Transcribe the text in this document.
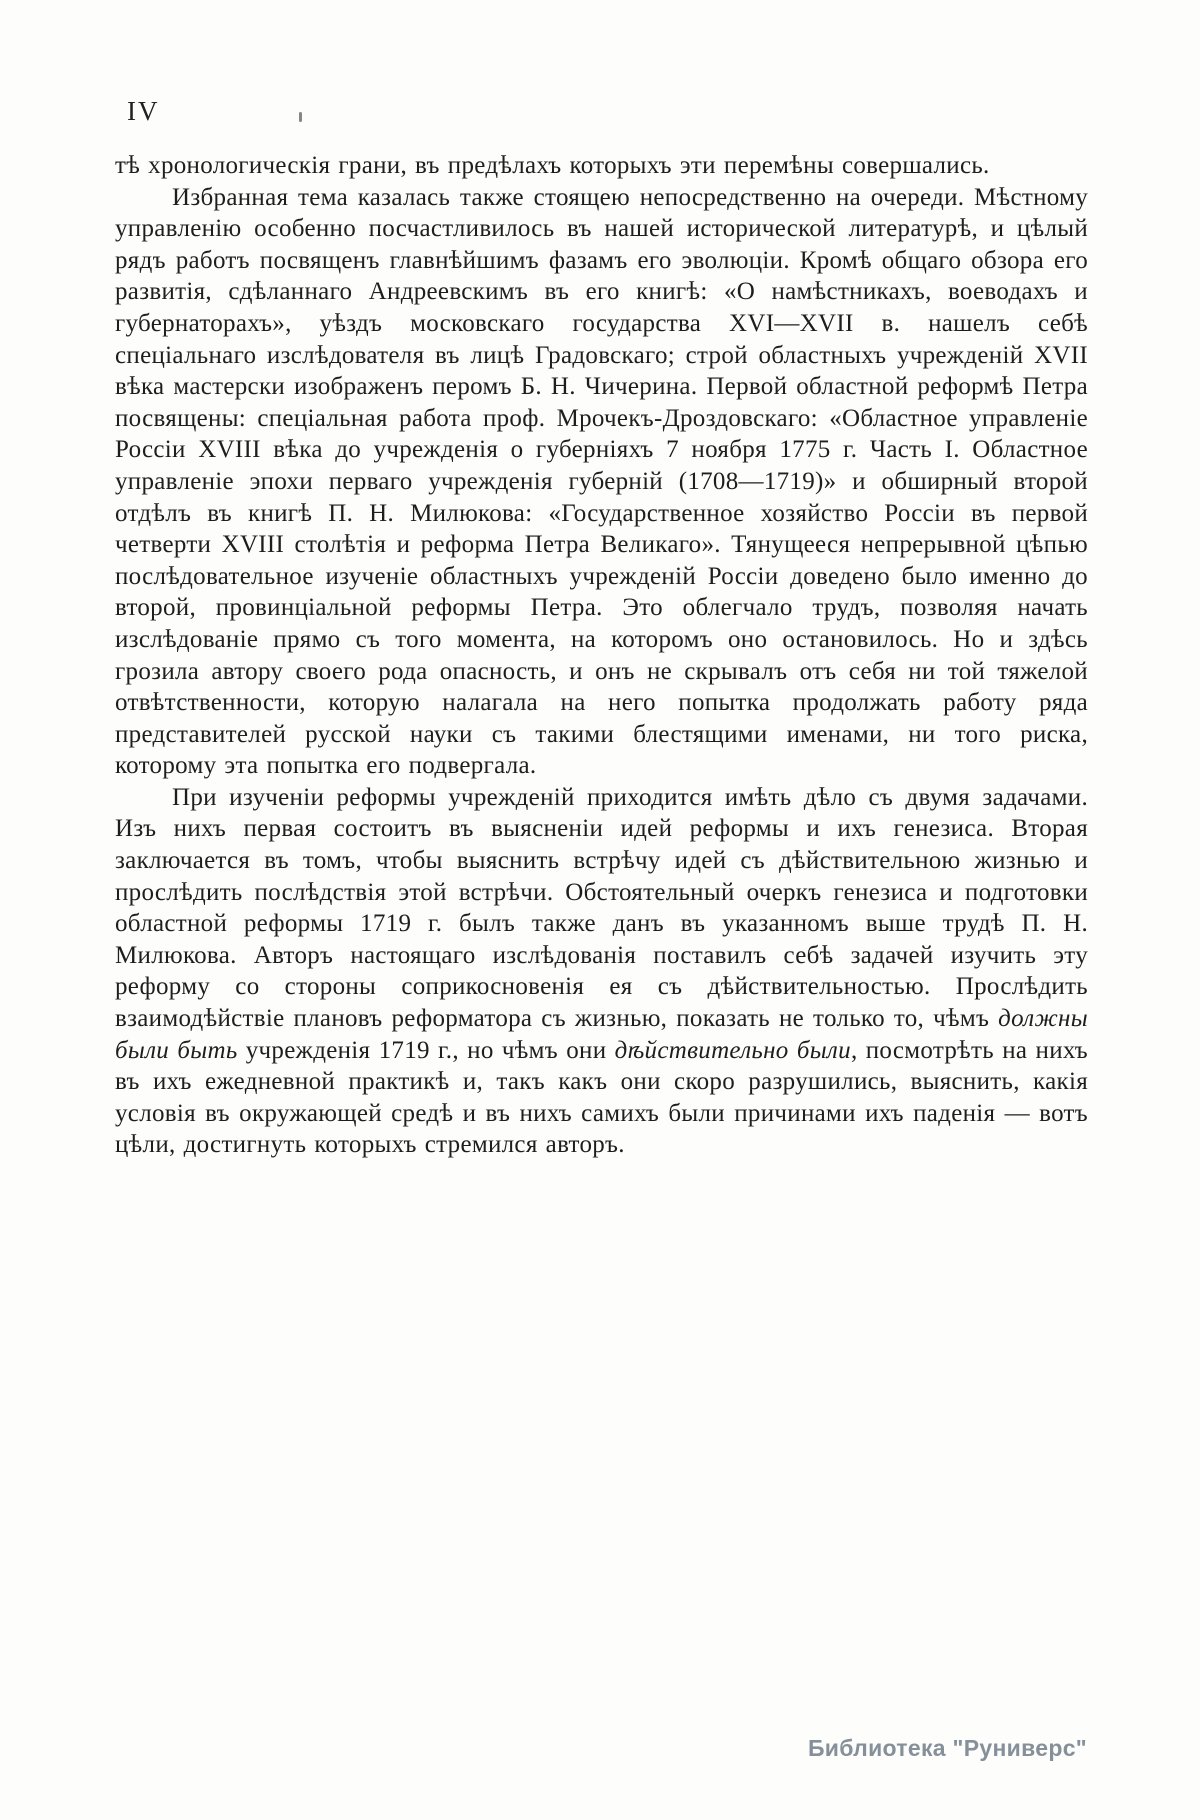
IV

тѣ хронологическія грани, въ предѣлахъ которыхъ эти перемѣны совершались.

Избранная тема казалась также стоящею непосредственно на очереди. Мѣстному управленію особенно посчастливилось въ нашей исторической литературѣ, и цѣлый рядъ работъ посвященъ главнѣйшимъ фазамъ его эволюціи. Кромѣ общаго обзора его развитія, сдѣланнаго Андреевскимъ въ его книгѣ: «О намѣстникахъ, воеводахъ и губернаторахъ», уѣздъ московскаго государства XVI—XVII в. нашелъ себѣ спеціальнаго изслѣдователя въ лицѣ Градовскаго; строй областныхъ учрежденій XVII вѣка мастерски изображенъ перомъ Б. Н. Чичерина. Первой областной реформѣ Петра посвящены: спеціальная работа проф. Мрочекъ-Дроздовскаго: «Областное управленіе Россіи XVIII вѣка до учрежденія о губерніяхъ 7 ноября 1775 г. Часть I. Областное управленіе эпохи перваго учрежденія губерній (1708—1719)» и обширный второй отдѣлъ въ книгѣ П. Н. Милюкова: «Государственное хозяйство Россіи въ первой четверти XVIII столѣтія и реформа Петра Великаго». Тянущееся непрерывной цѣпью послѣдовательное изученіе областныхъ учрежденій Россіи доведено было именно до второй, провинціальной реформы Петра. Это облегчало трудъ, позволяя начать изслѣдованіе прямо съ того момента, на которомъ оно остановилось. Но и здѣсь грозила автору своего рода опасность, и онъ не скрывалъ отъ себя ни той тяжелой отвѣтственности, которую налагала на него попытка продолжать работу ряда представителей русской науки съ такими блестящими именами, ни того риска, которому эта попытка его подвергала.

При изученіи реформы учрежденій приходится имѣть дѣло съ двумя задачами. Изъ нихъ первая состоитъ въ выясненіи идей реформы и ихъ генезиса. Вторая заключается въ томъ, чтобы выяснить встрѣчу идей съ дѣйствительною жизнью и прослѣдить послѣдствія этой встрѣчи. Обстоятельный очеркъ генезиса и подготовки областной реформы 1719 г. былъ также данъ въ указанномъ выше трудѣ П. Н. Милюкова. Авторъ настоящаго изслѣдованія поставилъ себѣ задачей изучить эту реформу со стороны соприкосновенія ея съ дѣйствительностью. Прослѣдить взаимодѣйствіе плановъ реформатора съ жизнью, показать не только то, чѣмъ должны были быть учрежденія 1719 г., но чѣмъ они дѣйствительно были, посмотрѣть на нихъ въ ихъ ежедневной практикѣ и, такъ какъ они скоро разрушились, выяснить, какія условія въ окружающей средѣ и въ нихъ самихъ были причинами ихъ паденія — вотъ цѣли, достигнуть которыхъ стремился авторъ.

Библиотека "Руниверс"
